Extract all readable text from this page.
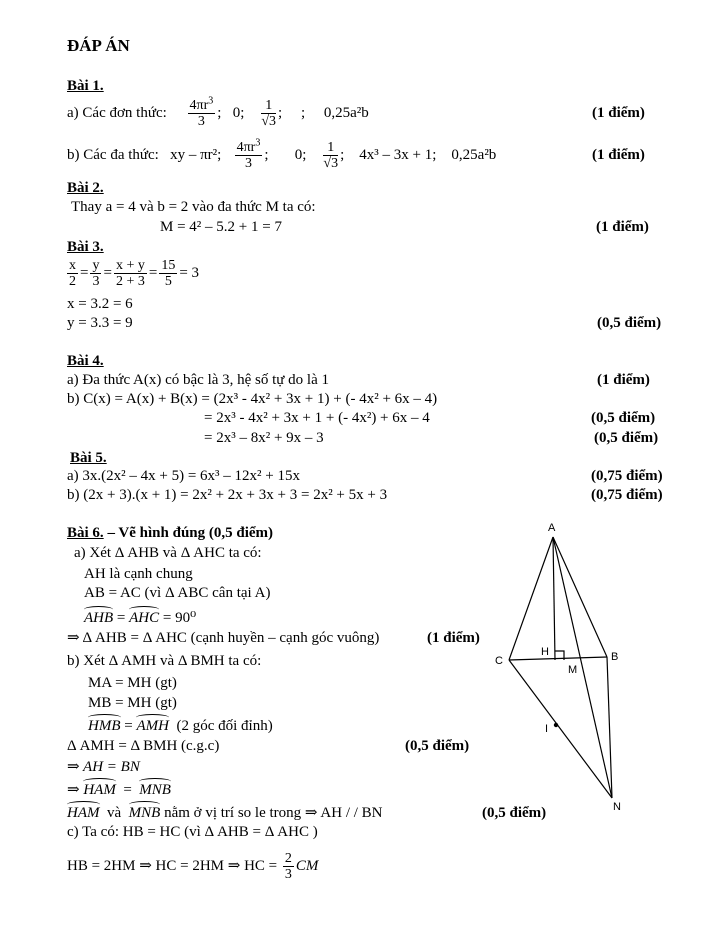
ĐÁP ÁN
Bài 1.
a) Các đơn thức: $\frac{4\pi r^3}{3}$ ;   0; $\frac{1}{√3}$ ;     ; 0,25a²b	(1 điểm)
b) Các đa thức: xy – πr²; $\frac{4\pi r^3}{3}$ ;       0; $\frac{1}{√3}$ ;    4x³ – 3x + 1; 0,25a²b	(1 điểm)
Bài 2.
Thay a = 4 và b = 2 vào đa thức M ta có:
M = 4² – 5.2 + 1 = 7	(1 điểm)
Bài 3.
$\frac{x}{2} = \frac{y}{3} = \frac{x + y}{2 + 3} = \frac{15}{5} = 3$
x = 3.2 = 6
y = 3.3 = 9	(0,5 điểm)
Bài 4.
a) Đa thức A(x) có bậc là 3, hệ số tự do là 1	(1 điểm)
b) C(x) = A(x) + B(x) = (2x³ - 4x² + 3x + 1) + (- 4x² + 6x – 4)
= 2x³ - 4x² + 3x + 1 + (- 4x²) + 6x – 4	(0,5 điểm)
= 2x³ – 8x² + 9x – 3	(0,5 điểm)
Bài 5.
a) 3x.(2x² – 4x + 5) = 6x³ – 12x² + 15x	(0,75 điểm)
b) (2x + 3).(x + 1) = 2x² + 2x + 3x + 3 = 2x² + 5x + 3	(0,75 điểm)
Bài 6. – Vẽ hình đúng (0,5 điểm)
a) Xét Δ AHB và Δ AHC ta có:
AH là cạnh chung
AB = AC (vì Δ ABC cân tại A)
AHB = AHC = 90⁰
⇒ Δ AHB = Δ AHC (cạnh huyền – cạnh góc vuông)	(1 điểm)
b) Xét Δ AMH và Δ BMH ta có:
MA = MH (gt)
MB = MH (gt)
HMB = AMH (2 góc đối đỉnh)
Δ AMH = Δ BMH (c.g.c)	(0,5 điểm)
⇒ AH = BN
⇒ HAM = MNB
HAM và MNB nằm ở vị trí so le trong ⇒ AH / / BN	(0,5 điểm)
c) Ta có: HB = HC (vì Δ AHB = Δ AHC )
HB = 2HM ⇒ HC = 2HM ⇒ HC = $\frac{2}{3}$ CM
A
H
M
B
C
I
N
